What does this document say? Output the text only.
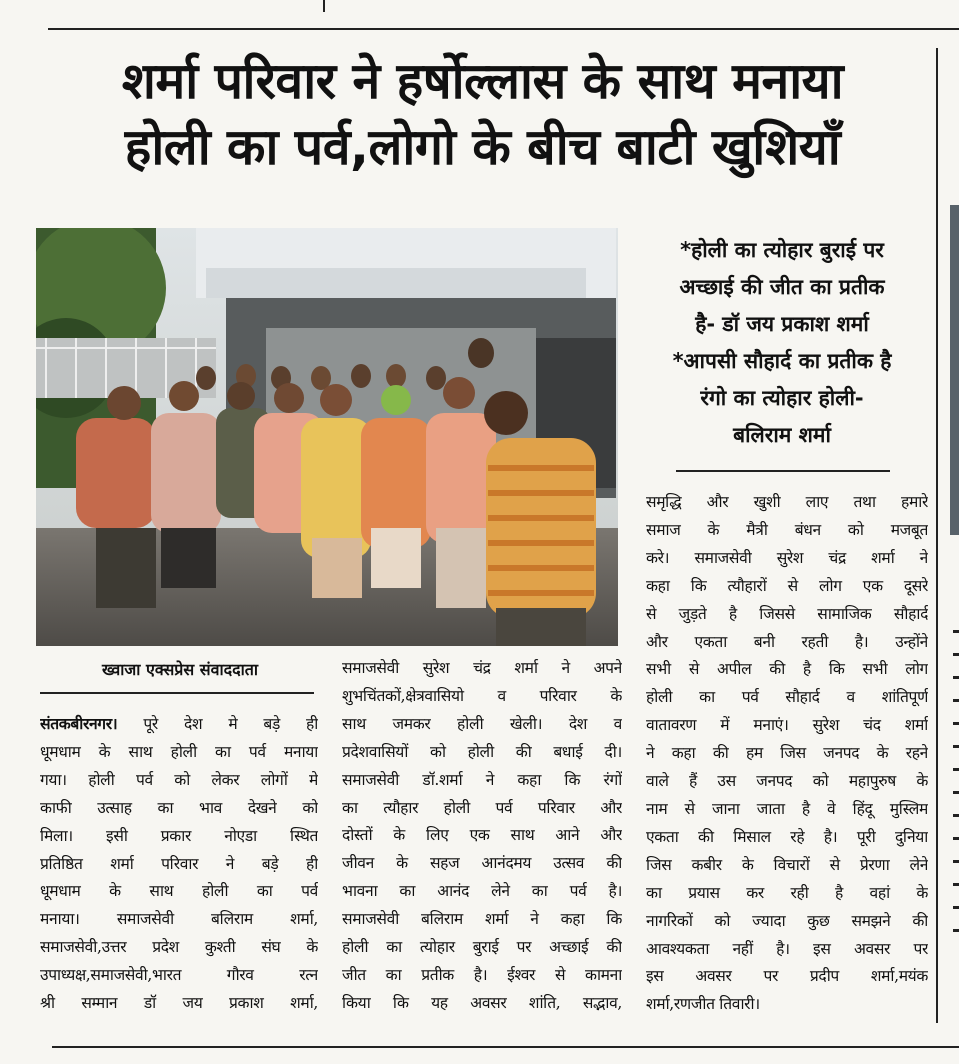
शर्मा परिवार ने हर्षोल्लास के साथ मनाया
होली का पर्व,लोगो के बीच बाटी खुशियाँ
*होली का त्योहार बुराई पर
अच्छाई की जीत का प्रतीक
है- डॉ जय प्रकाश शर्मा
*आपसी सौहार्द का प्रतीक है
रंगो का त्योहार होली-
बलिराम शर्मा

ख्वाजा एक्सप्रेस संवाददाता

संतकबीरनगर। पूरे देश मे बड़े ही
धूमधाम के साथ होली का पर्व मनाया
गया। होली पर्व को लेकर लोगों मे
काफी उत्साह का भाव देखने को
मिला। इसी प्रकार नोएडा स्थित
प्रतिष्ठित शर्मा परिवार ने बड़े ही
धूमधाम के साथ होली का पर्व
मनाया। समाजसेवी बलिराम शर्मा,
समाजसेवी,उत्तर प्रदेश कुश्ती संघ के
उपाध्यक्ष,समाजसेवी,भारत गौरव रत्न
श्री सम्मान डॉ जय प्रकाश शर्मा,

समाजसेवी सुरेश चंद्र शर्मा ने अपने
शुभचिंतकों,क्षेत्रवासियो व परिवार के
साथ जमकर होली खेली। देश व
प्रदेशवासियों को होली की बधाई दी।
समाजसेवी डॉ.शर्मा ने कहा कि रंगों
का त्यौहार होली पर्व परिवार और
दोस्तों के लिए एक साथ आने और
जीवन के सहज आनंदमय उत्सव की
भावना का आनंद लेने का पर्व है।
समाजसेवी बलिराम शर्मा ने कहा कि
होली का त्योहार बुराई पर अच्छाई की
जीत का प्रतीक है। ईश्वर से कामना
किया कि यह अवसर शांति, सद्भाव,

समृद्धि और खुशी लाए तथा हमारे
समाज के मैत्री बंधन को मजबूत
करे। समाजसेवी सुरेश चंद्र शर्मा ने
कहा कि त्यौहारों से लोग एक दूसरे
से जुड़ते है जिससे सामाजिक सौहार्द
और एकता बनी रहती है। उन्होंने
सभी से अपील की है कि सभी लोग
होली का पर्व सौहार्द व शांतिपूर्ण
वातावरण में मनाएं। सुरेश चंद शर्मा
ने कहा की हम जिस जनपद के रहने
वाले हैं उस जनपद को महापुरुष के
नाम से जाना जाता है वे हिंदू मुस्लिम
एकता की मिसाल रहे है। पूरी दुनिया
जिस कबीर के विचारों से प्रेरणा लेने
का प्रयास कर रही है वहां के
नागरिकों को ज्यादा कुछ समझने की
आवश्यकता नहीं है। इस अवसर पर
इस अवसर पर प्रदीप शर्मा,मयंक
शर्मा,रणजीत तिवारी।
